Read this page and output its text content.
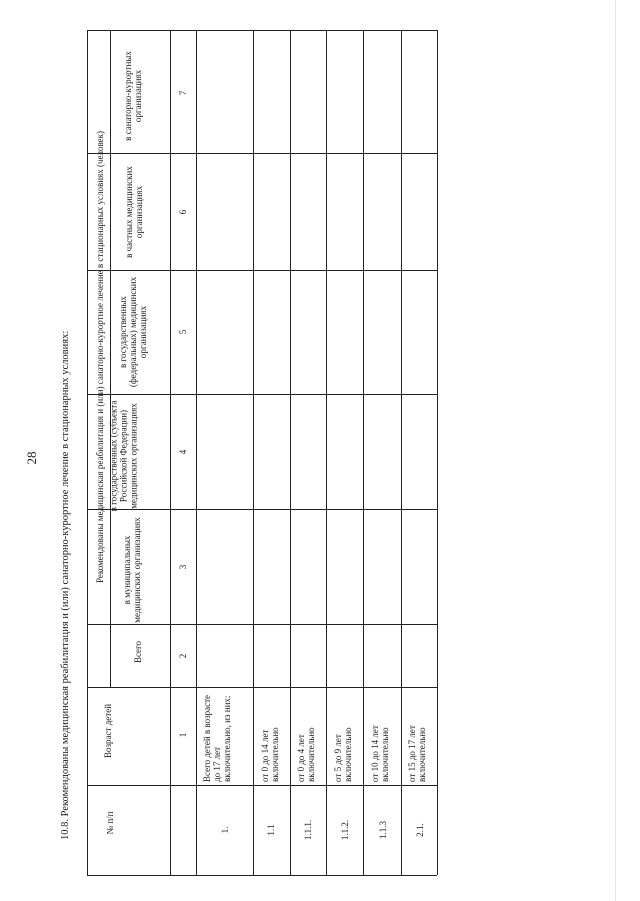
28 10.8. Рекомендованы медицинская реабилитация и (или) санаторно-курортное лечение в стационарных условиях:	№ п/п
Возраст детей
Рекомендованы медицинская реабилитация и (или) санаторно-курортное лечение в стационарных условиях (человек)
Всего
в муниципальных медицинских организациях
в государственных (субъекта Российской Федерации) медицинских организациях
в государственных (федеральных) медицинских организациях
в частных медицинских организациях
в санаторно-курортных организациях
1
2
3
4
5
6
7
1.
Всего детей в возрасте до 17 лет включительно, из них:
1.1
от 0 до 14 лет включительно
1.1.1.
от 0 до 4 лет включительно
1.1.2.
от 5 до 9 лет включительно
1.1.3
от 10 до 14 лет включительно
2.1.
от 15 до 17 лет включительно
